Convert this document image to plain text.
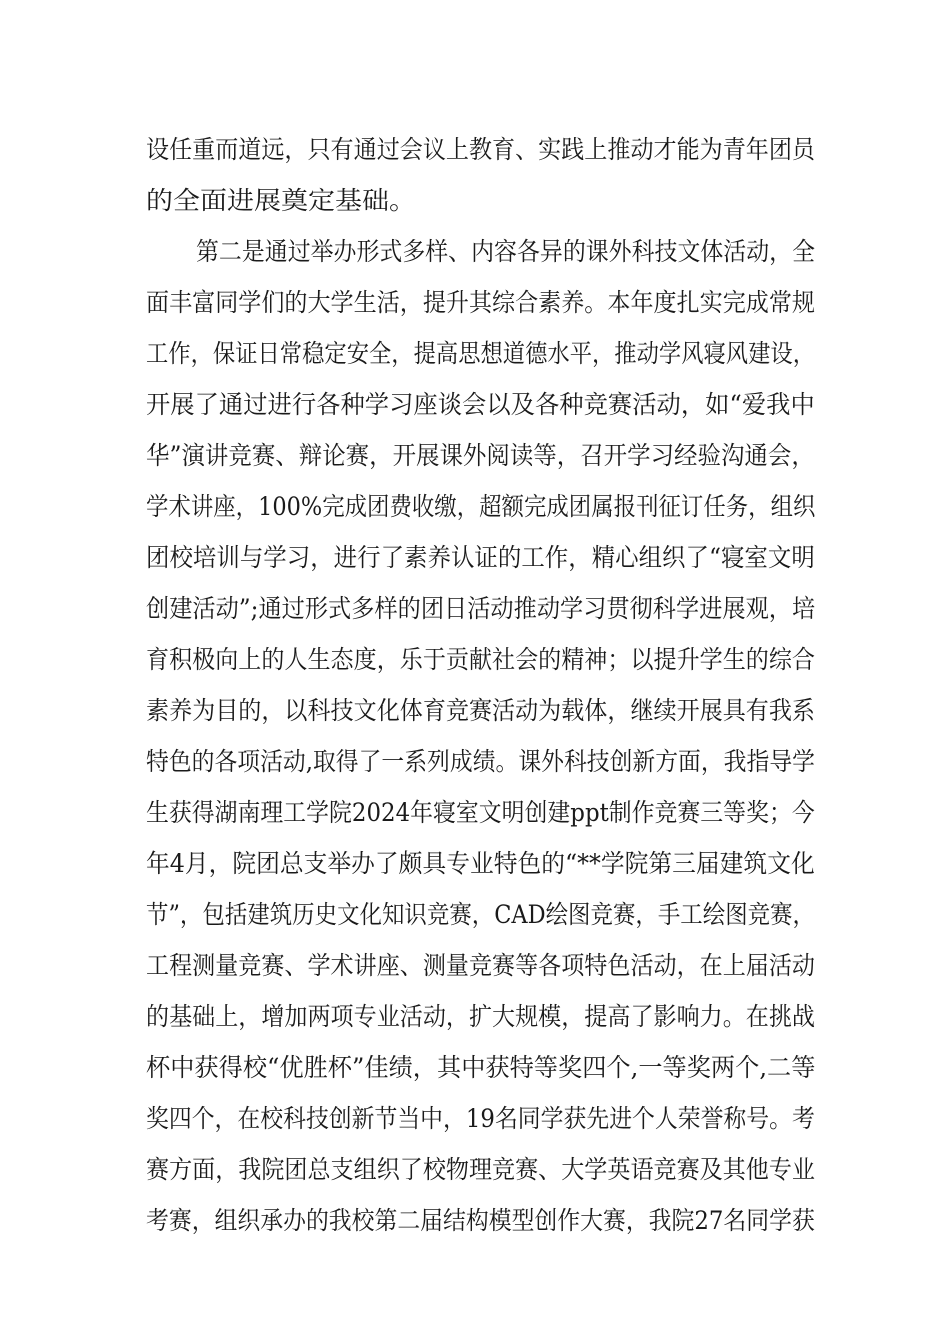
设任重而道远，只有通过会议上教育、实践上推动才能为青年团员
的全面进展奠定基础。
第二是通过举办形式多样、内容各异的课外科技文体活动，全
面丰富同学们的大学生活，提升其综合素养。本年度扎实完成常规
工作，保证日常稳定安全，提高思想道德水平，推动学风寝风建设，
开展了通过进行各种学习座谈会以及各种竞赛活动，如“爱我中
华”演讲竞赛、辩论赛，开展课外阅读等，召开学习经验沟通会，
学术讲座，100%完成团费收缴，超额完成团属报刊征订任务，组织
团校培训与学习，进行了素养认证的工作，精心组织了“寝室文明
创建活动”;通过形式多样的团日活动推动学习贯彻科学进展观，培
育积极向上的人生态度，乐于贡献社会的精神；以提升学生的综合
素养为目的，以科技文化体育竞赛活动为载体，继续开展具有我系
特色的各项活动,取得了一系列成绩。课外科技创新方面，我指导学
生获得湖南理工学院2024年寝室文明创建ppt制作竞赛三等奖；今
年4月，院团总支举办了颇具专业特色的“**学院第三届建筑文化
节”，包括建筑历史文化知识竞赛，CAD绘图竞赛，手工绘图竞赛，
工程测量竞赛、学术讲座、测量竞赛等各项特色活动，在上届活动
的基础上，增加两项专业活动，扩大规模，提高了影响力。在挑战
杯中获得校“优胜杯”佳绩，其中获特等奖四个,一等奖两个,二等
奖四个，在校科技创新节当中，19名同学获先进个人荣誉称号。考
赛方面，我院团总支组织了校物理竞赛、大学英语竞赛及其他专业
考赛，组织承办的我校第二届结构模型创作大赛，我院27名同学获
